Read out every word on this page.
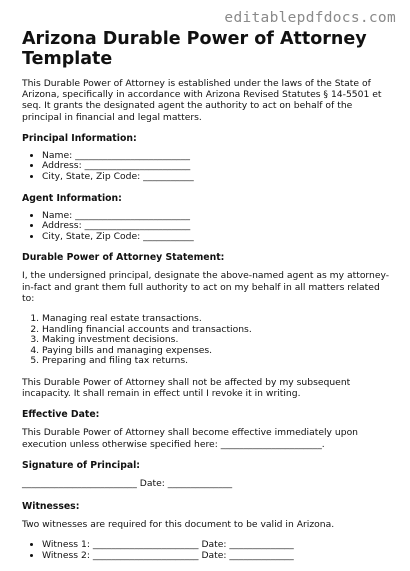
editablepdfdocs.com
Arizona Durable Power of Attorney Template

This Durable Power of Attorney is established under the laws of the State of Arizona, specifically in accordance with Arizona Revised Statutes § 14-5501 et seq. It grants the designated agent the authority to act on behalf of the principal in financial and legal matters.

Principal Information:
• Name: _________________________
• Address: _______________________
• City, State, Zip Code: ___________
Agent Information:
• Name: _________________________
• Address: _______________________
• City, State, Zip Code: ___________
Durable Power of Attorney Statement:

I, the undersigned principal, designate the above-named agent as my attorney-in-fact and grant them full authority to act on my behalf in all matters related to:

1. Managing real estate transactions.
2. Handling financial accounts and transactions.
3. Making investment decisions.
4. Paying bills and managing expenses.
5. Preparing and filing tax returns.

This Durable Power of Attorney shall not be affected by my subsequent incapacity. It shall remain in effect until I revoke it in writing.

Effective Date:

This Durable Power of Attorney shall become effective immediately upon execution unless otherwise specified here: ______________________.

Signature of Principal:

_________________________ Date: ______________

Witnesses:

Two witnesses are required for this document to be valid in Arizona.

• Witness 1: _______________________ Date: ______________
• Witness 2: _______________________ Date: ______________
